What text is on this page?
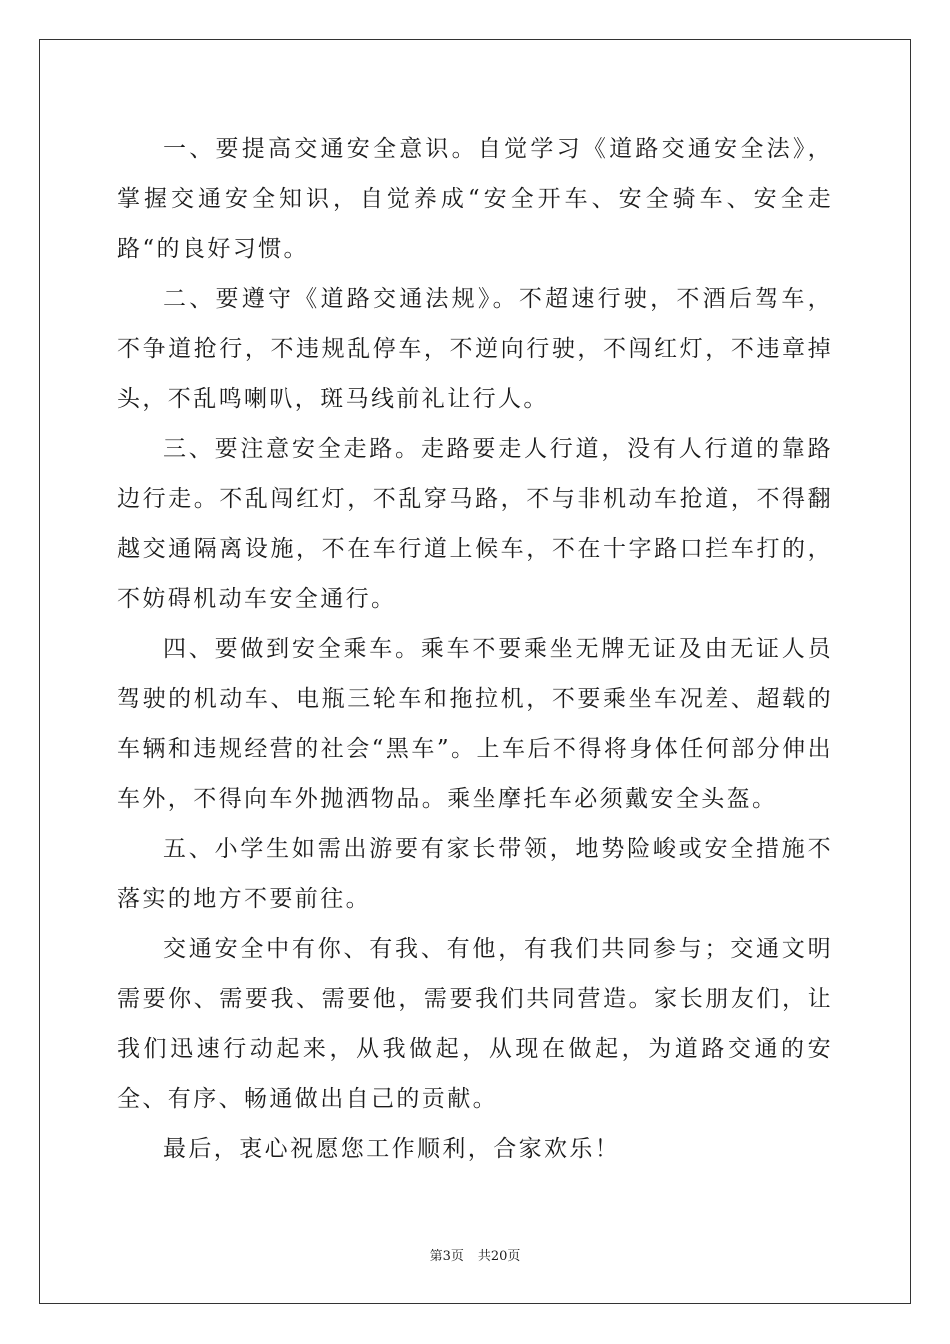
一、要提高交通安全意识。自觉学习《道路交通安全法》，掌握交通安全知识，自觉养成“安全开车、安全骑车、安全走路“的良好习惯。

二、要遵守《道路交通法规》。不超速行驶，不酒后驾车，不争道抢行，不违规乱停车，不逆向行驶，不闯红灯，不违章掉头，不乱鸣喇叭，斑马线前礼让行人。

三、要注意安全走路。走路要走人行道，没有人行道的靠路边行走。不乱闯红灯，不乱穿马路，不与非机动车抢道，不得翻越交通隔离设施，不在车行道上候车，不在十字路口拦车打的，不妨碍机动车安全通行。

四、要做到安全乘车。乘车不要乘坐无牌无证及由无证人员驾驶的机动车、电瓶三轮车和拖拉机，不要乘坐车况差、超载的车辆和违规经营的社会“黑车”。上车后不得将身体任何部分伸出车外，不得向车外抛洒物品。乘坐摩托车必须戴安全头盔。

五、小学生如需出游要有家长带领，地势险峻或安全措施不落实的地方不要前往。

交通安全中有你、有我、有他，有我们共同参与；交通文明需要你、需要我、需要他，需要我们共同营造。家长朋友们，让我们迅速行动起来，从我做起，从现在做起，为道路交通的安全、有序、畅通做出自己的贡献。

最后，衷心祝愿您工作顺利，合家欢乐！

第3页 共20页
